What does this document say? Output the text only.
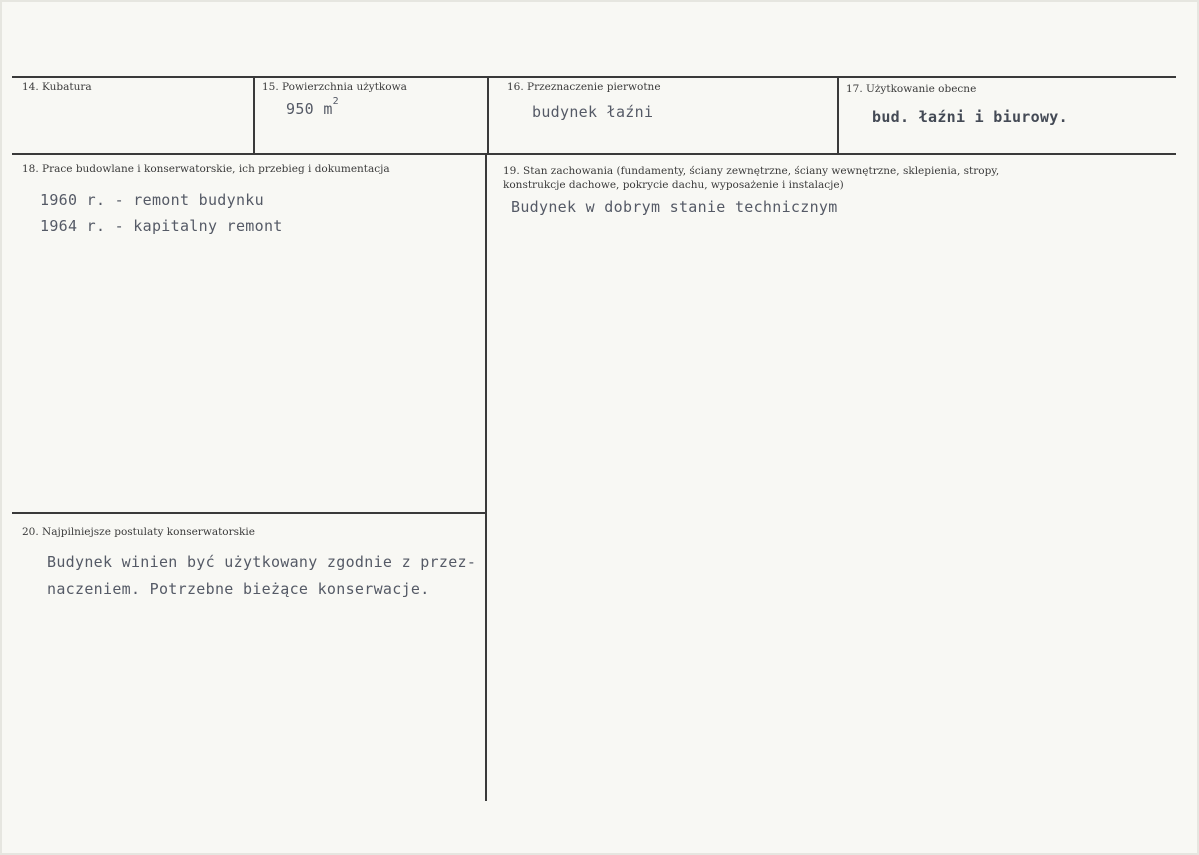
14. Kubatura	15. Powierzchnia użytkowa
950 $m^2$
16. Przeznaczenie pierwotne
budynek łaźni
17. Użytkowanie obecne
bud. łaźni i biurowy.
18. Prace budowlane i konserwatorskie, ich przebieg i dokumentacja
1960 r. - remont budynku
1964 r. - kapitalny remont
19. Stan zachowania (fundamenty, ściany zewnętrzne, ściany wewnętrzne, sklepienia, stropy,
konstrukcje dachowe, pokrycie dachu, wyposażenie i instalacje)
Budynek w dobrym stanie technicznym
20. Najpilniejsze postulaty konserwatorskie
Budynek winien być użytkowany zgodnie z przez-
naczeniem. Potrzebne bieżące konserwacje.
